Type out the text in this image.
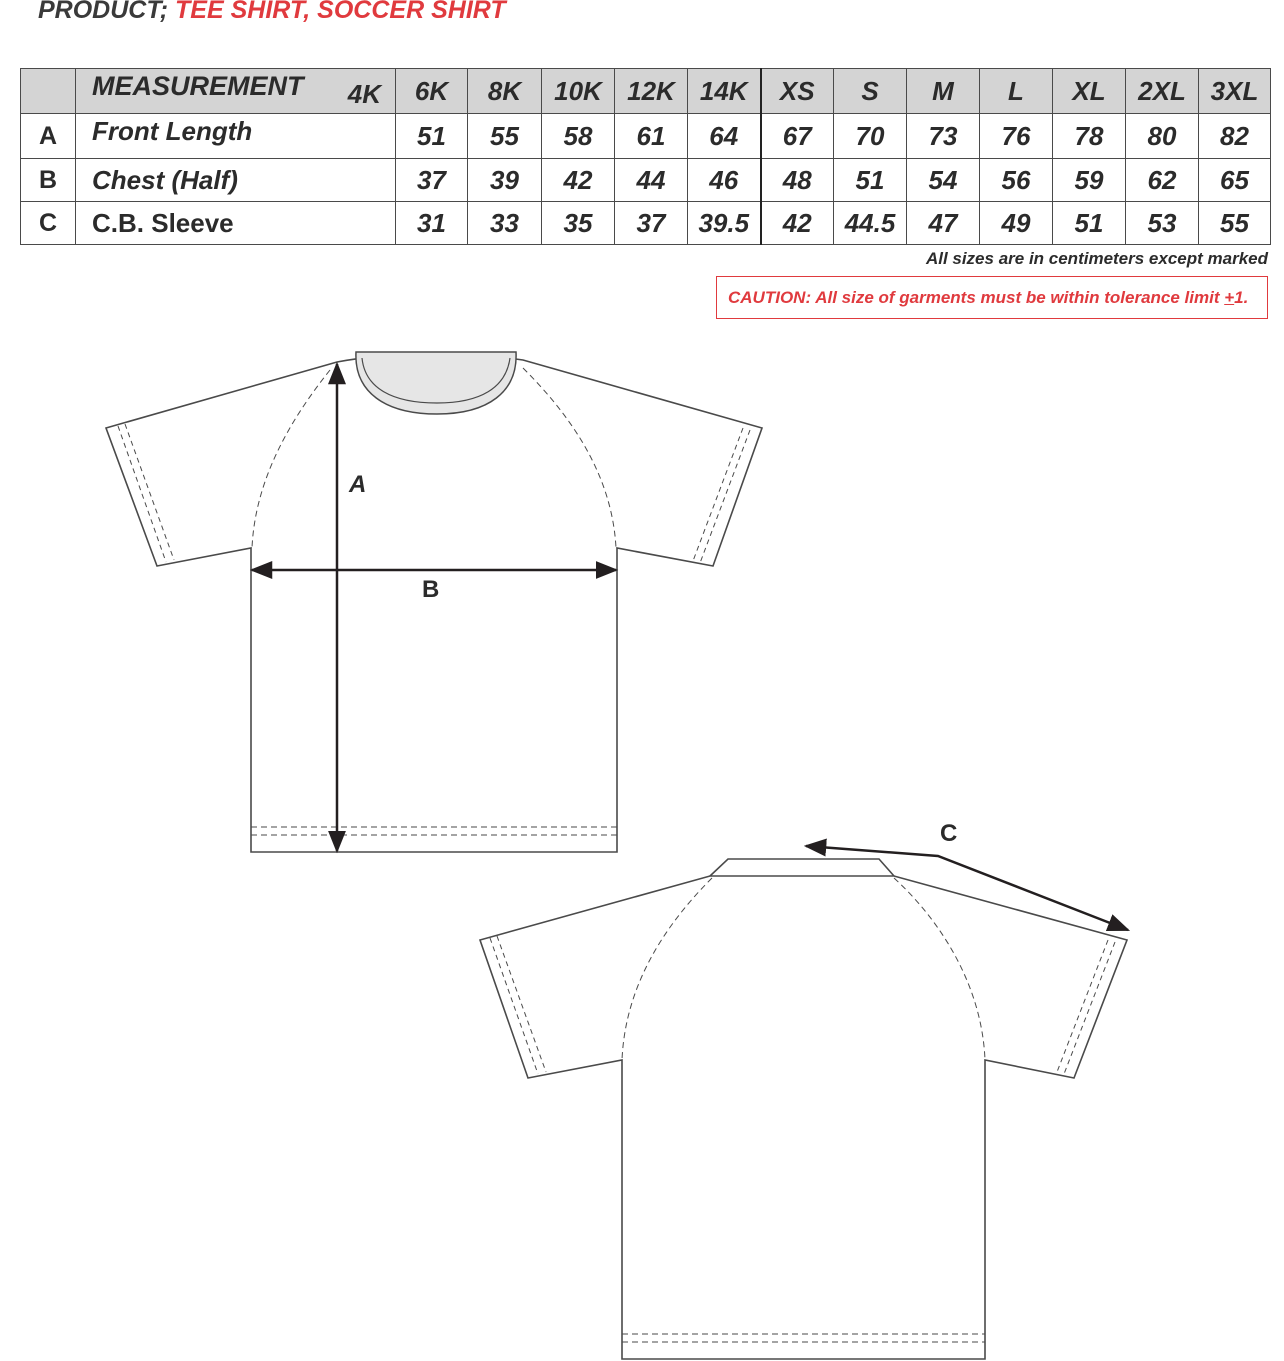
PRODUCT; TEE SHIRT, SOCCER SHIRT
	MEASUREMENT 4K	6K	8K	10K	12K	14K	XS	S	M	L	XL	2XL	3XL
A	Front Length	51	55	58	61	64	67	70	73	76	78	80	82
B	Chest (Half)	37	39	42	44	46	48	51	54	56	59	62	65
C	C.B. Sleeve	31	33	35	37	39.5	42	44.5	47	49	51	53	55
All sizes are in centimeters except marked
CAUTION: All size of garments must be within tolerance limit +1.
A
B
C
